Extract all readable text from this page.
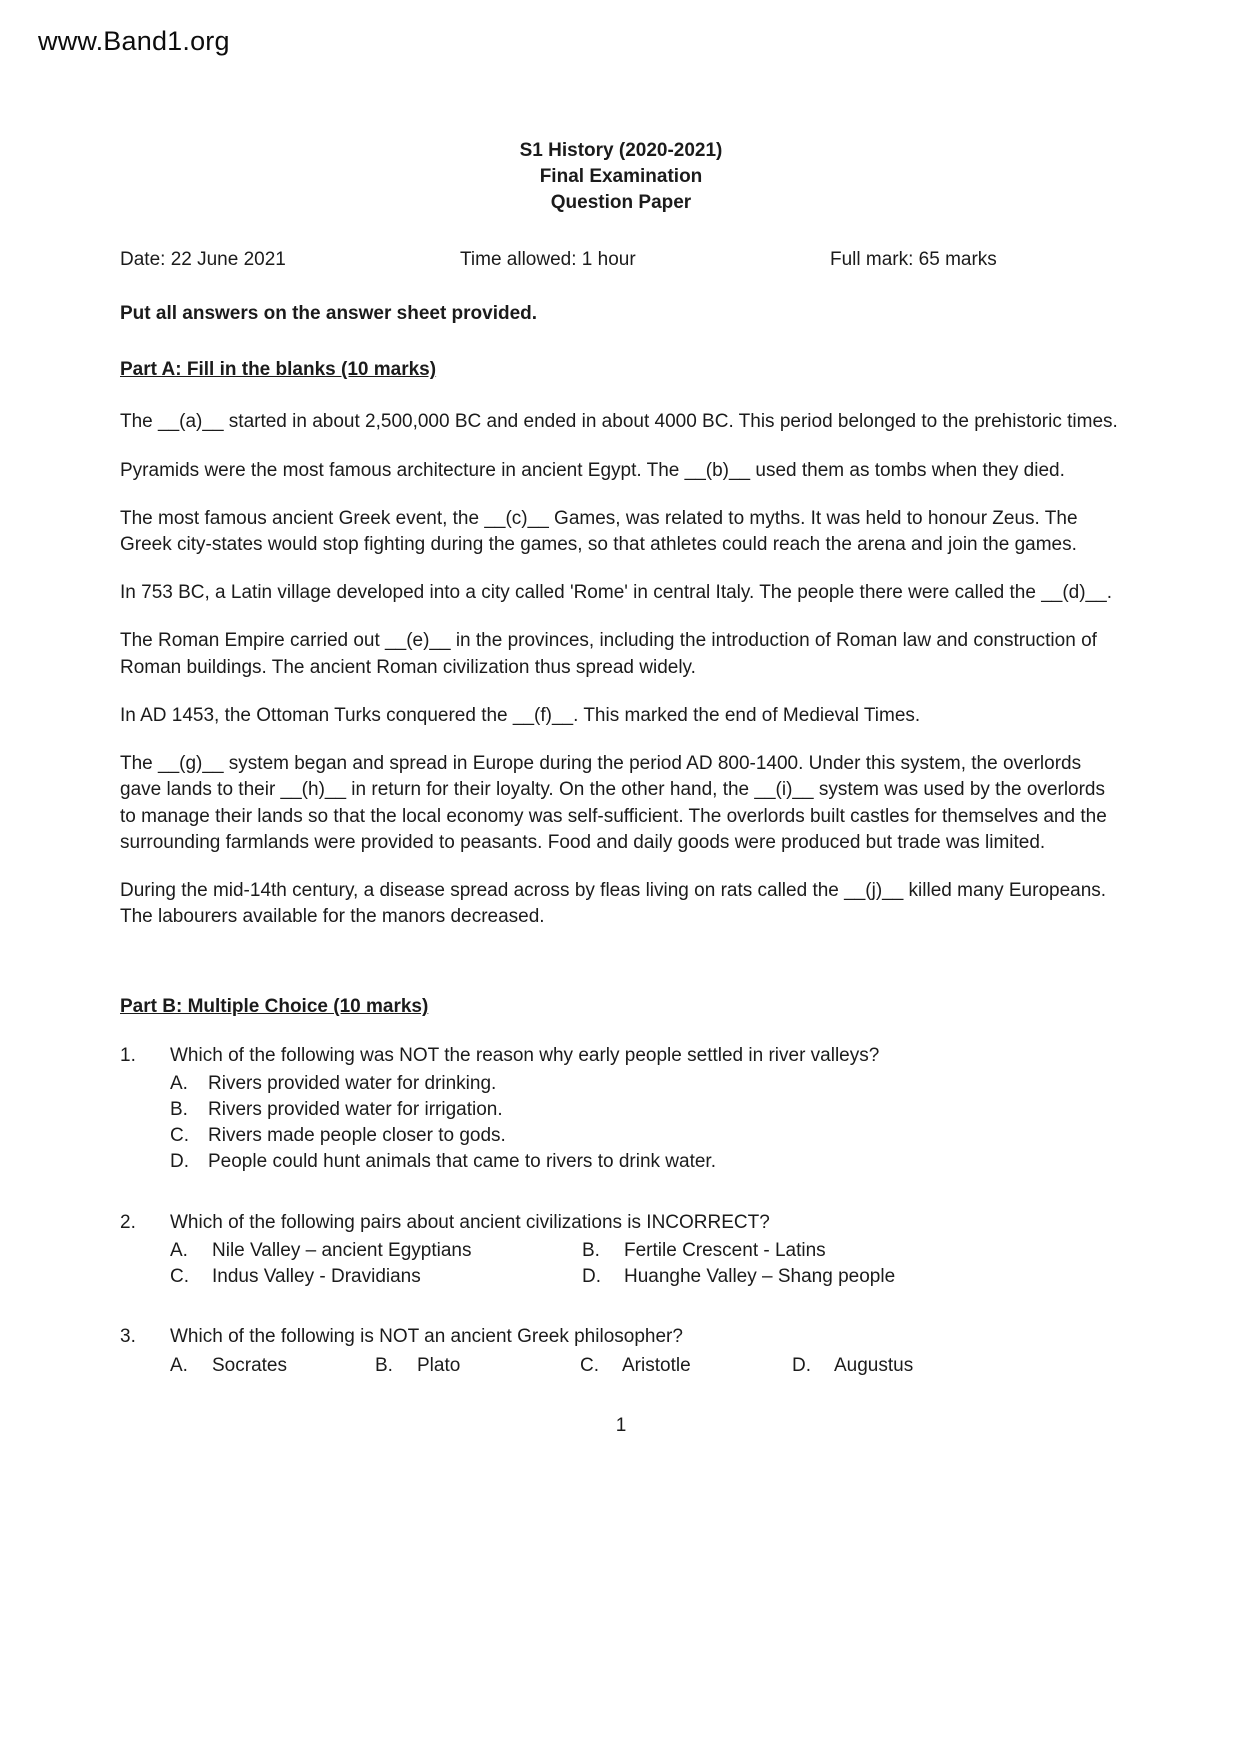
www.Band1.org
S1 History (2020-2021)
Final Examination
Question Paper
Date: 22 June 2021	Time allowed: 1 hour	Full mark: 65 marks

Put all answers on the answer sheet provided.

Part A: Fill in the blanks (10 marks)

The __(a)__ started in about 2,500,000 BC and ended in about 4000 BC. This period belonged to the prehistoric times.

Pyramids were the most famous architecture in ancient Egypt. The __(b)__ used them as tombs when they died.

The most famous ancient Greek event, the __(c)__ Games, was related to myths. It was held to honour Zeus. The Greek city-states would stop fighting during the games, so that athletes could reach the arena and join the games.

In 753 BC, a Latin village developed into a city called 'Rome' in central Italy. The people there were called the __(d)__.

The Roman Empire carried out __(e)__ in the provinces, including the introduction of Roman law and construction of Roman buildings. The ancient Roman civilization thus spread widely.

In AD 1453, the Ottoman Turks conquered the __(f)__. This marked the end of Medieval Times.

The __(g)__ system began and spread in Europe during the period AD 800-1400. Under this system, the overlords gave lands to their __(h)__ in return for their loyalty. On the other hand, the __(i)__ system was used by the overlords to manage their lands so that the local economy was self-sufficient. The overlords built castles for themselves and the surrounding farmlands were provided to peasants. Food and daily goods were produced but trade was limited.

During the mid-14th century, a disease spread across by fleas living on rats called the __(j)__ killed many Europeans. The labourers available for the manors decreased.

Part B: Multiple Choice (10 marks)
1.	Which of the following was NOT the reason why early people settled in river valleys?
A.	Rivers provided water for drinking.
B.	Rivers provided water for irrigation.
C.	Rivers made people closer to gods.
D.	People could hunt animals that came to rivers to drink water.
2.	Which of the following pairs about ancient civilizations is INCORRECT?
A.	Nile Valley – ancient Egyptians	B.	Fertile Crescent - Latins
C.	Indus Valley - Dravidians	D.	Huanghe Valley – Shang people
3.	Which of the following is NOT an ancient Greek philosopher?
A.	Socrates	B.	Plato	C.	Aristotle	D.	Augustus
1
